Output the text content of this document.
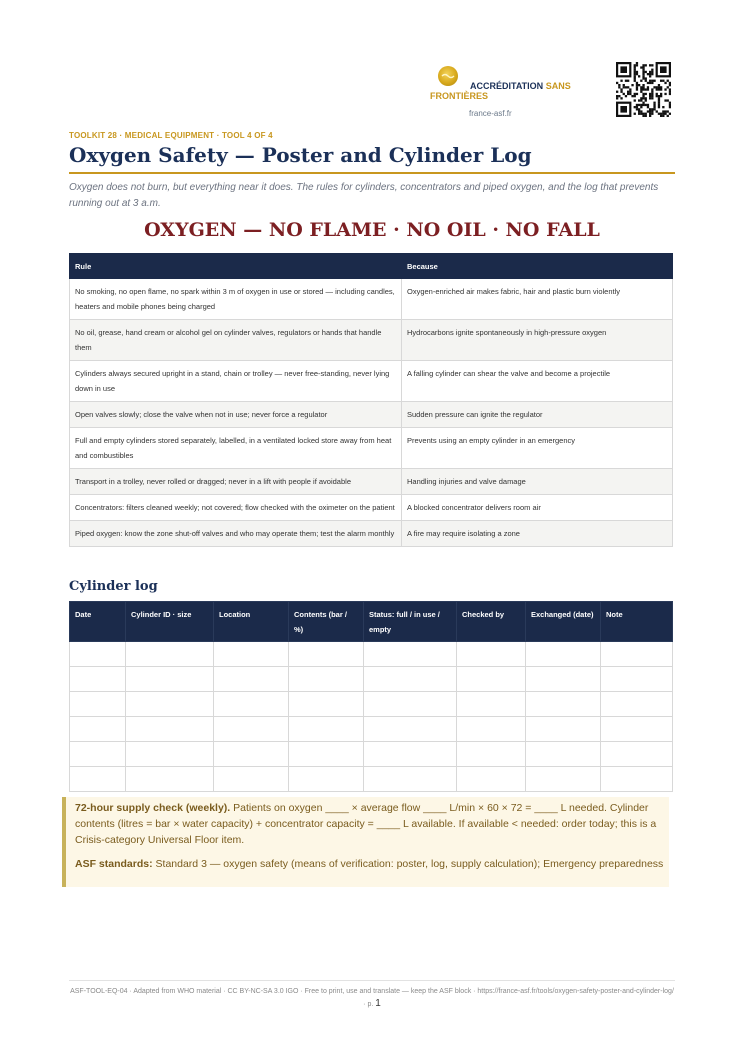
ACCRÉDITATION SANS FRONTIÈRES
france-asf.fr
TOOLKIT 28 · MEDICAL EQUIPMENT · TOOL 4 OF 4
Oxygen Safety — Poster and Cylinder Log

Oxygen does not burn, but everything near it does. The rules for cylinders, concentrators and piped oxygen, and the log that prevents running out at 3 a.m.

OXYGEN — NO FLAME · NO OIL · NO FALL
Rule	Because
No smoking, no open flame, no spark within 3 m of oxygen in use or stored — including candles, heaters and mobile phones being charged	Oxygen-enriched air makes fabric, hair and plastic burn violently
No oil, grease, hand cream or alcohol gel on cylinder valves, regulators or hands that handle them	Hydrocarbons ignite spontaneously in high-pressure oxygen
Cylinders always secured upright in a stand, chain or trolley — never free-standing, never lying down in use	A falling cylinder can shear the valve and become a projectile
Open valves slowly; close the valve when not in use; never force a regulator	Sudden pressure can ignite the regulator
Full and empty cylinders stored separately, labelled, in a ventilated locked store away from heat and combustibles	Prevents using an empty cylinder in an emergency
Transport in a trolley, never rolled or dragged; never in a lift with people if avoidable	Handling injuries and valve damage
Concentrators: filters cleaned weekly; not covered; flow checked with the oximeter on the patient	A blocked concentrator delivers room air
Piped oxygen: know the zone shut-off valves and who may operate them; test the alarm monthly	A fire may require isolating a zone
Cylinder log
Date	Cylinder ID · size	Location	Contents (bar / %)	Status: full / in use / empty	Checked by	Exchanged (date)	Note

72-hour supply check (weekly). Patients on oxygen ____ × average flow ____ L/min × 60 × 72 = ____ L needed. Cylinder contents (litres = bar × water capacity) + concentrator capacity = ____ L available. If available < needed: order today; this is a Crisis-category Universal Floor item.

ASF standards: Standard 3 — oxygen safety (means of verification: poster, log, supply calculation); Emergency preparedness

ASF-TOOL-EQ-04 · Adapted from WHO material · CC BY-NC-SA 3.0 IGO · Free to print, use and translate — keep the ASF block · https://france-asf.fr/tools/oxygen-safety-poster-and-cylinder-log/ · p. 1
